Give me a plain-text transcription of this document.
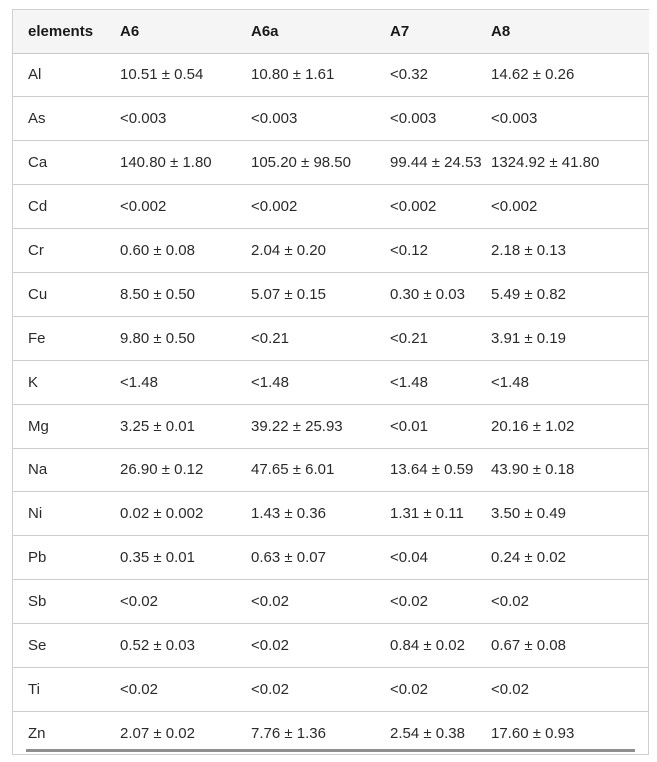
elements	A6	A6a	A7	A8
Al	10.51 ± 0.54	10.80 ± 1.61	<0.32	14.62 ± 0.26
As	<0.003	<0.003	<0.003	<0.003
Ca	140.80 ± 1.80	105.20 ± 98.50	99.44 ± 24.53	1324.92 ± 41.80
Cd	<0.002	<0.002	<0.002	<0.002
Cr	0.60 ± 0.08	2.04 ± 0.20	<0.12	2.18 ± 0.13
Cu	8.50 ± 0.50	5.07 ± 0.15	0.30 ± 0.03	5.49 ± 0.82
Fe	9.80 ± 0.50	<0.21	<0.21	3.91 ± 0.19
K	<1.48	<1.48	<1.48	<1.48
Mg	3.25 ± 0.01	39.22 ± 25.93	<0.01	20.16 ± 1.02
Na	26.90 ± 0.12	47.65 ± 6.01	13.64 ± 0.59	43.90 ± 0.18
Ni	0.02 ± 0.002	1.43 ± 0.36	1.31 ± 0.11	3.50 ± 0.49
Pb	0.35 ± 0.01	0.63 ± 0.07	<0.04	0.24 ± 0.02
Sb	<0.02	<0.02	<0.02	<0.02
Se	0.52 ± 0.03	<0.02	0.84 ± 0.02	0.67 ± 0.08
Ti	<0.02	<0.02	<0.02	<0.02
Zn	2.07 ± 0.02	7.76 ± 1.36	2.54 ± 0.38	17.60 ± 0.93
